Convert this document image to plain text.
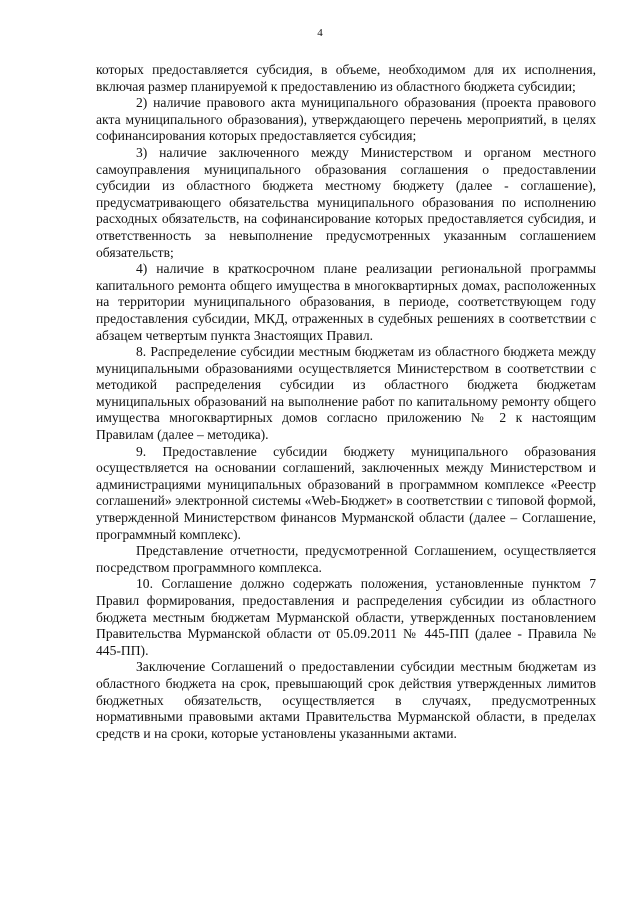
4

которых предоставляется субсидия, в объеме, необходимом для их исполнения, включая размер планируемой к предоставлению из областного бюджета субсидии;

2) наличие правового акта муниципального образования (проекта правового акта муниципального образования), утверждающего перечень мероприятий, в целях софинансирования которых предоставляется субсидия;

3) наличие заключенного между Министерством и органом местного самоуправления муниципального образования соглашения о предоставлении субсидии из областного бюджета местному бюджету (далее - соглашение), предусматривающего обязательства муниципального образования по исполнению расходных обязательств, на софинансирование которых предоставляется субсидия, и ответственность за невыполнение предусмотренных указанным соглашением обязательств;

4) наличие в краткосрочном плане реализации региональной программы капитального ремонта общего имущества в многоквартирных домах, расположенных на территории муниципального образования, в периоде, соответствующем году предоставления субсидии, МКД, отраженных в судебных решениях в соответствии с абзацем четвертым пункта 3настоящих Правил.

8. Распределение субсидии местным бюджетам из областного бюджета между муниципальными образованиями осуществляется Министерством в соответствии с методикой распределения субсидии из областного бюджета бюджетам муниципальных образований на выполнение работ по капитальному ремонту общего имущества многоквартирных домов согласно приложению № 2 к настоящим Правилам (далее – методика).

9. Предоставление субсидии бюджету муниципального образования осуществляется на основании соглашений, заключенных между Министерством и администрациями муниципальных образований в программном комплексе «Реестр соглашений» электронной системы «Web-Бюджет» в соответствии с типовой формой, утвержденной Министерством финансов Мурманской области (далее – Соглашение, программный комплекс).

Представление отчетности, предусмотренной Соглашением, осуществляется посредством программного комплекса.

10. Соглашение должно содержать положения, установленные пунктом 7 Правил формирования, предоставления и распределения субсидии из областного бюджета местным бюджетам Мурманской области, утвержденных постановлением Правительства Мурманской области от 05.09.2011 № 445-ПП (далее - Правила № 445-ПП).

Заключение Соглашений о предоставлении субсидии местным бюджетам из областного бюджета на срок, превышающий срок действия утвержденных лимитов бюджетных обязательств, осуществляется в случаях, предусмотренных нормативными правовыми актами Правительства Мурманской области, в пределах средств и на сроки, которые установлены указанными актами.
